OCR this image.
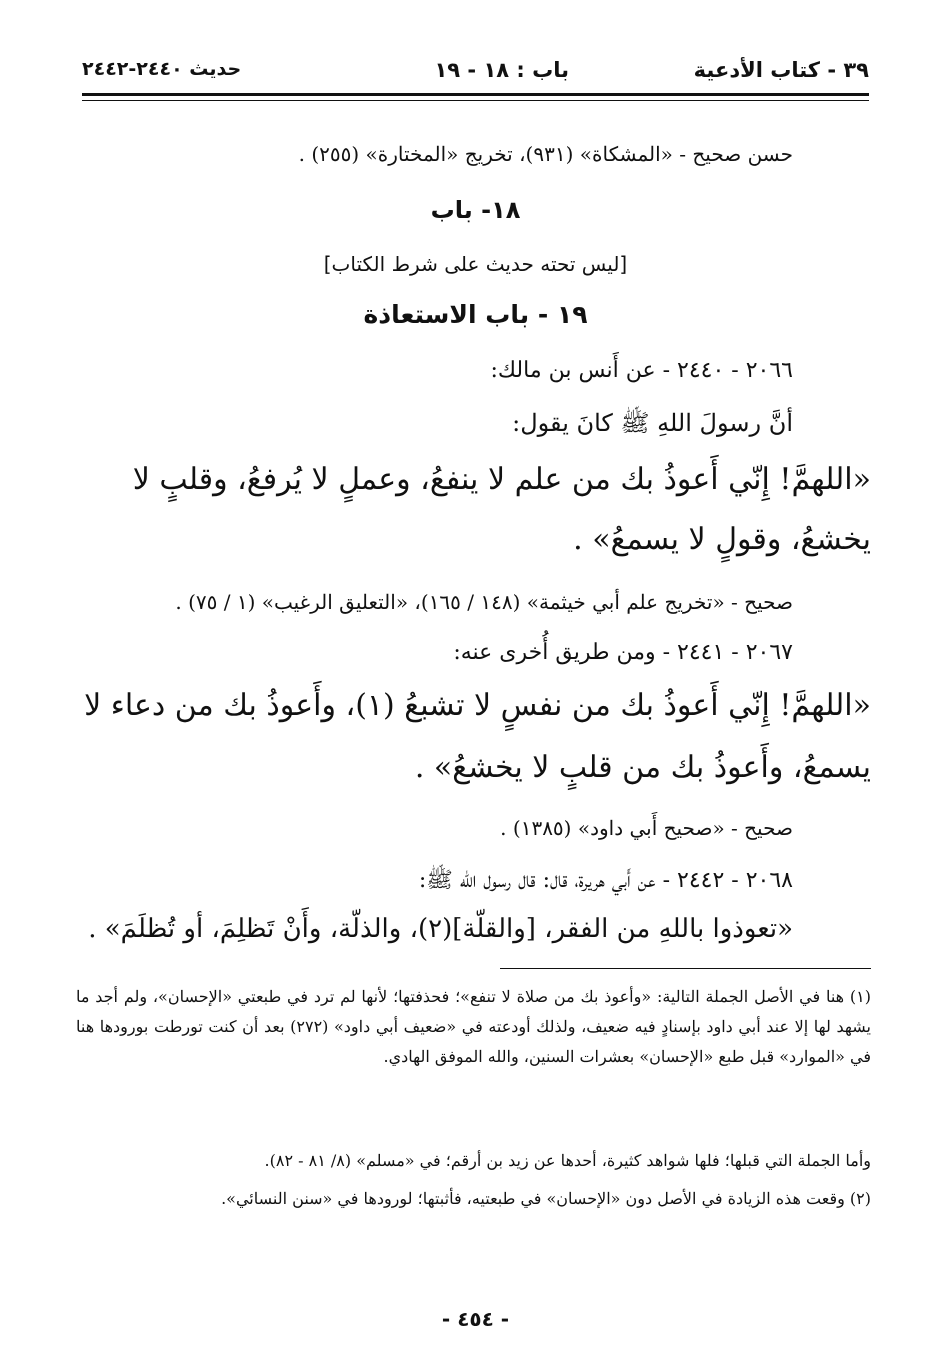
٣٩ - كتاب الأدعية
باب : ١٨ - ١٩
حديث ٢٤٤٠-٢٤٤٢
حسن صحيح - «المشكاة» (٩٣١)، تخريج «المختارة» (٢٥٥) .
١٨- باب
[ليس تحته حديث على شرط الكتاب]
١٩ - باب الاستعاذة
٢٠٦٦ - ٢٤٤٠ - عن أَنس بن مالك:
أنَّ رسولَ اللهِ ﷺ كانَ يقول:
«اللهمَّ! إِنّي أَعوذُ بك من علم لا ينفعُ، وعملٍ لا يُرفعُ، وقلبٍ لا
يخشعُ، وقولٍ لا يسمعُ» .
صحيح - «تخريج علم أبي خيثمة» (١٤٨ / ١٦٥)، «التعليق الرغيب» (١ / ٧٥) .
٢٠٦٧ - ٢٤٤١ - ومن طريق أُخرى عنه:
«اللهمَّ! إِنّي أَعوذُ بك من نفسٍ لا تشبعُ (١)، وأَعوذُ بك من دعاء لا
يسمعُ، وأَعوذُ بك من قلبٍ لا يخشعُ» .
صحيح - «صحيح أَبي داود» (١٣٨٥) .
٢٠٦٨ - ٢٤٤٢ - عن أَبي هريرة، قال: قال رسول الله ﷺ:
«تعوذوا باللهِ من الفقر، [والقلّة](٢)، والذلّة، وأَنْ تَظلِمَ، أو تُظلَمَ» .
(١) هنا في الأصل الجملة التالية: «وأعوذ بك من صلاة لا تنفع»؛ فحذفتها؛ لأنها لم ترد في طبعتي «الإحسان»، ولم أجد ما يشهد لها إلا عند أبي داود بإسنادٍ فيه ضعيف، ولذلك أودعته في «ضعيف أبي داود» (٢٧٢) بعد أن كنت تورطت بورودها هنا في «الموارد» قبل طبع «الإحسان» بعشرات السنين، والله الموفق الهادي.
وأما الجملة التي قبلها؛ فلها شواهد كثيرة، أحدها عن زيد بن أرقم؛ في «مسلم» (٨/ ٨١ - ٨٢).
(٢) وقعت هذه الزيادة في الأصل دون «الإحسان» في طبعتيه، فأثبتها؛ لورودها في «سنن النسائي».
- ٤٥٤ -
